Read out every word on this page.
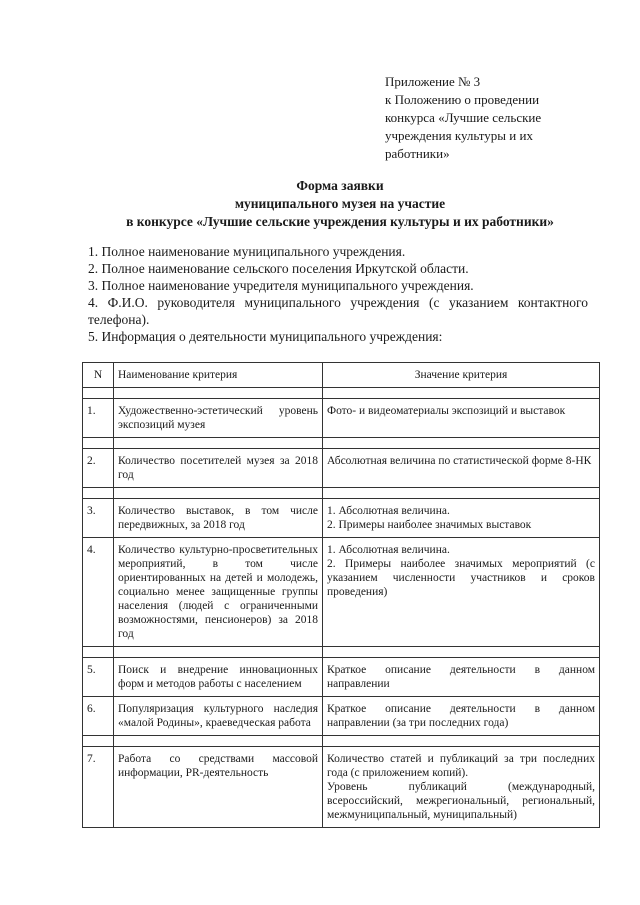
Приложение № 3
к Положению о проведении
конкурса «Лучшие сельские
учреждения культуры и их
работники»
Форма заявки
муниципального музея на участие
в конкурсе «Лучшие сельские учреждения культуры и их работники»

1. Полное наименование муниципального учреждения.

2. Полное наименование сельского поселения Иркутской области.

3. Полное наименование учредителя муниципального учреждения.

4. Ф.И.О. руководителя муниципального учреждения (с указанием контактного телефона).

5. Информация о деятельности муниципального учреждения:

N	Наименование критерия	Значение критерия

1.	Художественно-эстетический уровень экспозиций музея	Фото- и видеоматериалы экспозиций и выставок

2.	Количество посетителей музея за 2018 год	Абсолютная величина по статистической форме 8-НК

3.	Количество выставок, в том числе передвижных, за 2018 год	1. Абсолютная величина.
2. Примеры наиболее значимых выставок

4.	Количество культурно-просветительных мероприятий, в том числе ориентированных на детей и молодежь, социально менее защищенные группы населения (людей с ограниченными возможностями, пенсионеров) за 2018 год	1. Абсолютная величина.
2. Примеры наиболее значимых мероприятий (с указанием численности участников и сроков проведения)

5.	Поиск и внедрение инновационных форм и методов работы с населением	Краткое описание деятельности в данном направлении

6.	Популяризация культурного наследия «малой Родины», краеведческая работа	Краткое описание деятельности в данном направлении (за три последних года)

7.	Работа со средствами массовой информации, PR-деятельность	Количество статей и публикаций за три последних года (с приложением копий).
Уровень публикаций (международный, всероссийский, межрегиональный, региональный, межмуниципальный, муниципальный)
